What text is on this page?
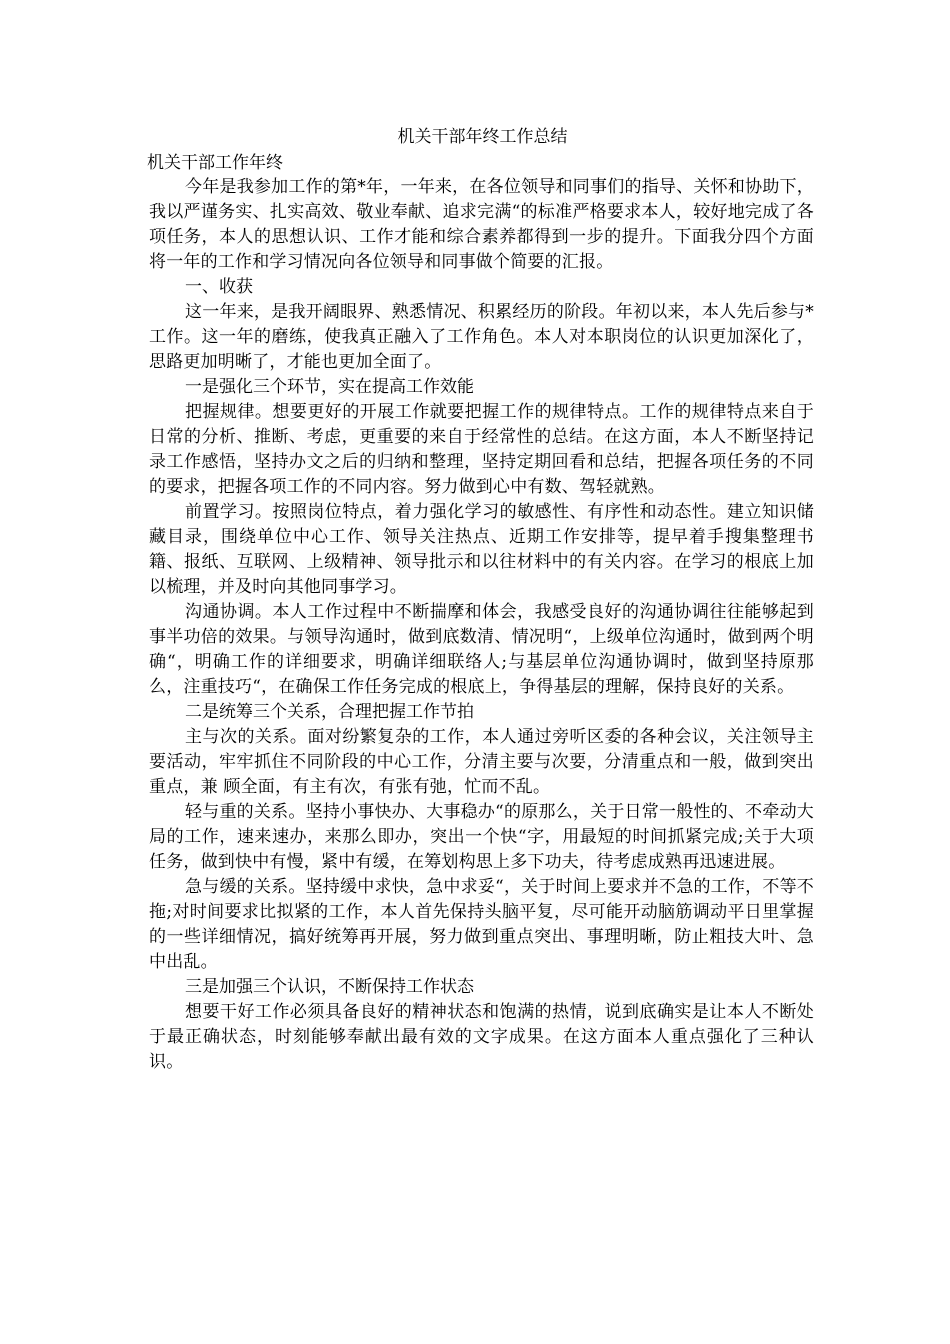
机关干部年终工作总结

机关干部工作年终

今年是我参加工作的第*年，一年来，在各位领导和同事们的指导、关怀和协助下，我以严谨务实、扎实高效、敬业奉献、追求完满“的标准严格要求本人，较好地完成了各项任务，本人的思想认识、工作才能和综合素养都得到一步的提升。下面我分四个方面将一年的工作和学习情况向各位领导和同事做个简要的汇报。

一、收获

这一年来，是我开阔眼界、熟悉情况、积累经历的阶段。年初以来，本人先后参与*工作。这一年的磨练，使我真正融入了工作角色。本人对本职岗位的认识更加深化了，思路更加明晰了，才能也更加全面了。

一是强化三个环节，实在提高工作效能

把握规律。想要更好的开展工作就要把握工作的规律特点。工作的规律特点来自于日常的分析、推断、考虑，更重要的来自于经常性的总结。在这方面，本人不断坚持记录工作感悟，坚持办文之后的归纳和整理，坚持定期回看和总结，把握各项任务的不同的要求，把握各项工作的不同内容。努力做到心中有数、驾轻就熟。

前置学习。按照岗位特点，着力强化学习的敏感性、有序性和动态性。建立知识储藏目录，围绕单位中心工作、领导关注热点、近期工作安排等，提早着手搜集整理书籍、报纸、互联网、上级精神、领导批示和以往材料中的有关内容。在学习的根底上加以梳理，并及时向其他同事学习。

沟通协调。本人工作过程中不断揣摩和体会，我感受良好的沟通协调往往能够起到事半功倍的效果。与领导沟通时，做到底数清、情况明“，上级单位沟通时，做到两个明确“，明确工作的详细要求，明确详细联络人;与基层单位沟通协调时，做到坚持原那么，注重技巧“，在确保工作任务完成的根底上，争得基层的理解，保持良好的关系。

二是统筹三个关系，合理把握工作节拍

主与次的关系。面对纷繁复杂的工作，本人通过旁听区委的各种会议，关注领导主要活动，牢牢抓住不同阶段的中心工作，分清主要与次要，分清重点和一般，做到突出重点，兼 顾全面，有主有次，有张有弛，忙而不乱。

轻与重的关系。坚持小事快办、大事稳办“的原那么，关于日常一般性的、不牵动大局的工作，速来速办，来那么即办，突出一个快“字，用最短的时间抓紧完成;关于大项任务，做到快中有慢，紧中有缓，在筹划构思上多下功夫，待考虑成熟再迅速进展。

急与缓的关系。坚持缓中求快，急中求妥“，关于时间上要求并不急的工作，不等不拖;对时间要求比拟紧的工作，本人首先保持头脑平复，尽可能开动脑筋调动平日里掌握的一些详细情况，搞好统筹再开展，努力做到重点突出、事理明晰，防止粗技大叶、急中出乱。

三是加强三个认识，不断保持工作状态

想要干好工作必须具备良好的精神状态和饱满的热情，说到底确实是让本人不断处于最正确状态，时刻能够奉献出最有效的文字成果。在这方面本人重点强化了三种认识。
